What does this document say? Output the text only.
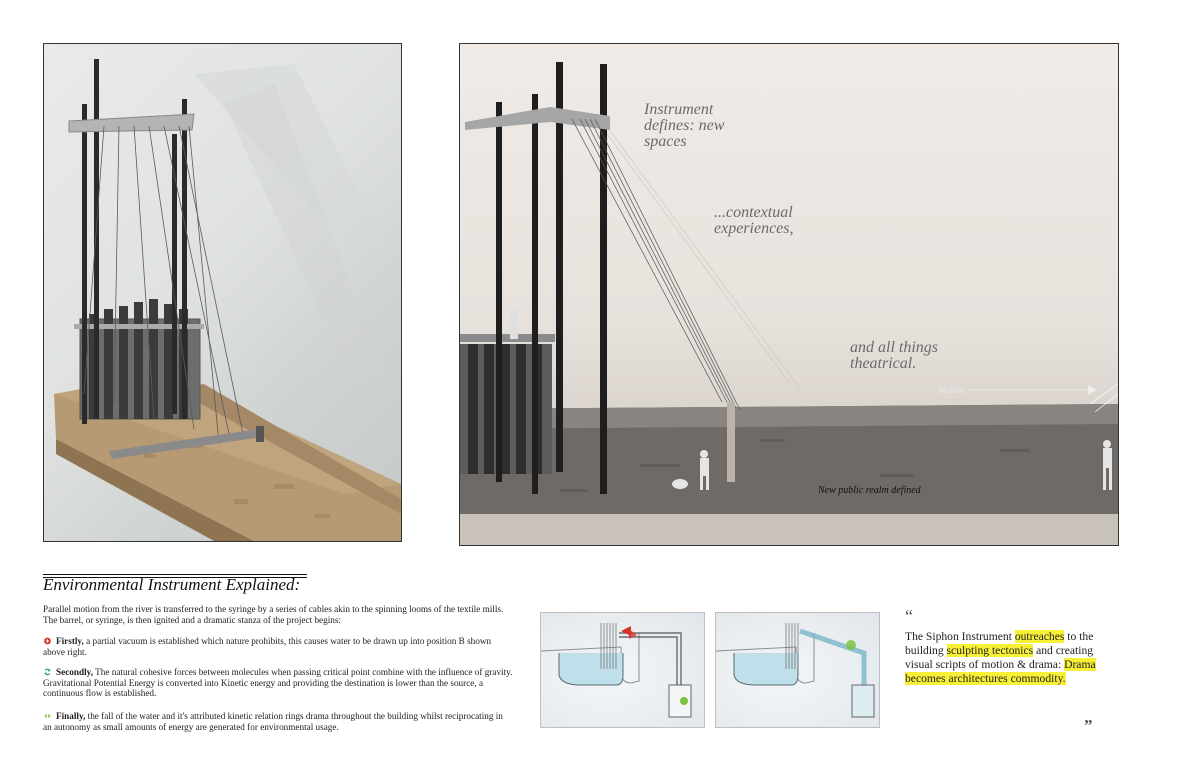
Instrument defines: new spaces
...contextual experiences,
and all things theatrical.
Motion
New public realm defined
Environmental Instrument Explained:
Parallel motion from the river is transferred to the syringe by a series of cables akin to the spinning looms of the textile mills. The barrel, or syringe, is then ignited and a dramatic stanza of the project begins:
Firstly, a partial vacuum is established which nature prohibits, this causes water to be drawn up into position B shown above right.
Secondly, The natural cohesive forces between molecules when passing critical point combine with the influence of gravity. Gravitational Potential Energy is converted into Kinetic energy and providing the destination is lower than the source, a continuous flow is established.
Finally, the fall of the water and it's attributed kinetic relation rings drama throughout the building whilst reciprocating in an autonomy as small amounts of energy are generated for environmental usage.
“
The Siphon Instrument outreaches to the building sculpting tectonics and creating visual scripts of motion & drama: Drama becomes architectures commodity.
”
